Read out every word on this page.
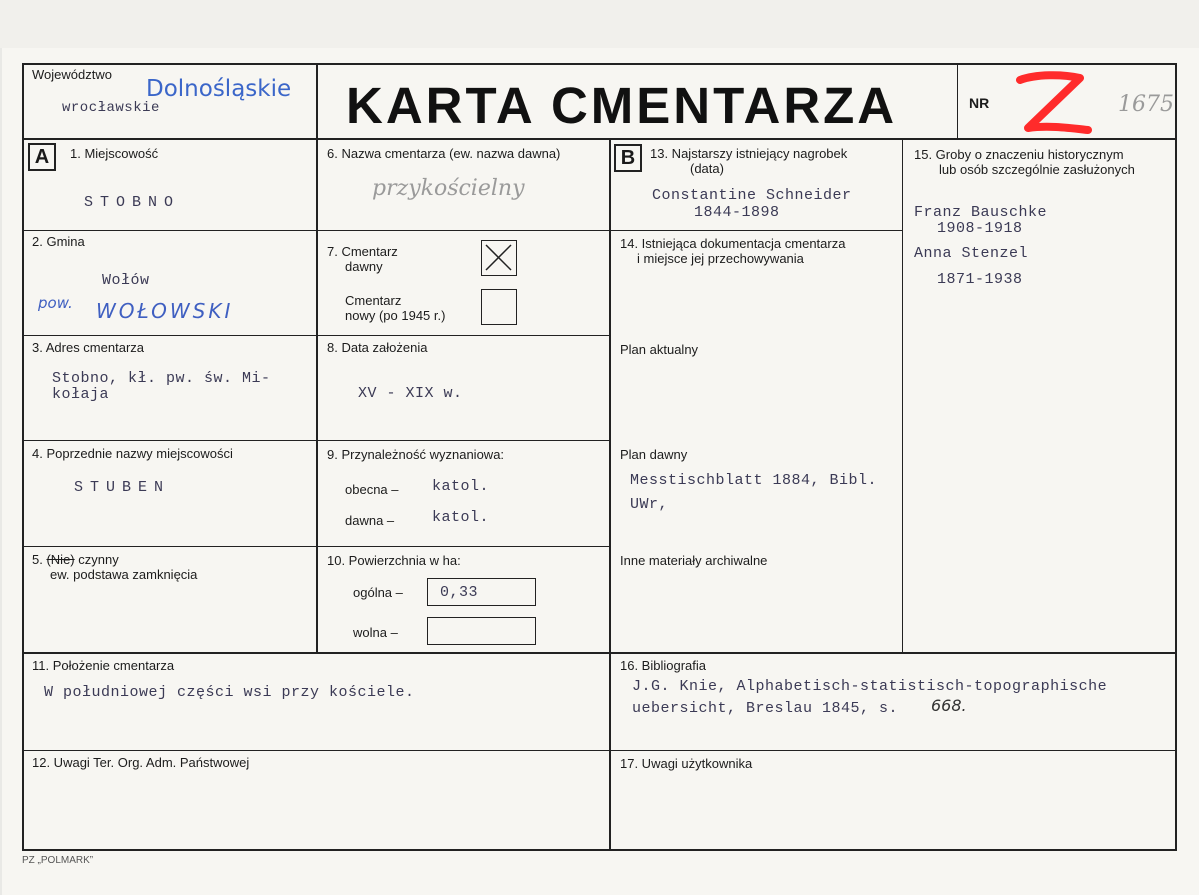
Województwo
Dolnośląskie
wrocławskie	KARTA CMENTARZA	NR	1675
A	1. Miejscowość
STOBNO
2. Gmina
Wołów
pow. WOŁOWSKI
3. Adres cmentarza
Stobno, kł. pw. św. Mi-
kołaja
4. Poprzednie nazwy miejscowości
STUBEN
5. (Nie) czynny
ew. podstawa zamknięcia
6. Nazwa cmentarza (ew. nazwa dawna)
przykościelny
7. Cmentarz
dawny
Cmentarz
nowy (po 1945 r.)
8. Data założenia
XV - XIX w.
9. Przynależność wyznaniowa:
obecna – katol.
dawna –	katol.
10. Powierzchnia w ha:
ogólna – 0,33
wolna –
B	13. Najstarszy istniejący nagrobek
(data)
Constantine Schneider
1844-1898
14. Istniejąca dokumentacja cmentarza
i miejsce jej przechowywania
Plan aktualny
Plan dawny
Messtischblatt 1884, Bibl.
UWr,
Inne materiały archiwalne
15. Groby o znaczeniu historycznym
lub osób szczególnie zasłużonych
Franz Bauschke
1908-1918
Anna Stenzel
1871-1938
11. Położenie cmentarza
W południowej części wsi przy kościele.
12. Uwagi Ter. Org. Adm. Państwowej
16. Bibliografia
J.G. Knie, Alphabetisch-statistisch-topographische
uebersicht, Breslau 1845, s. 668.
17. Uwagi użytkownika
PZ „POLMARK”
